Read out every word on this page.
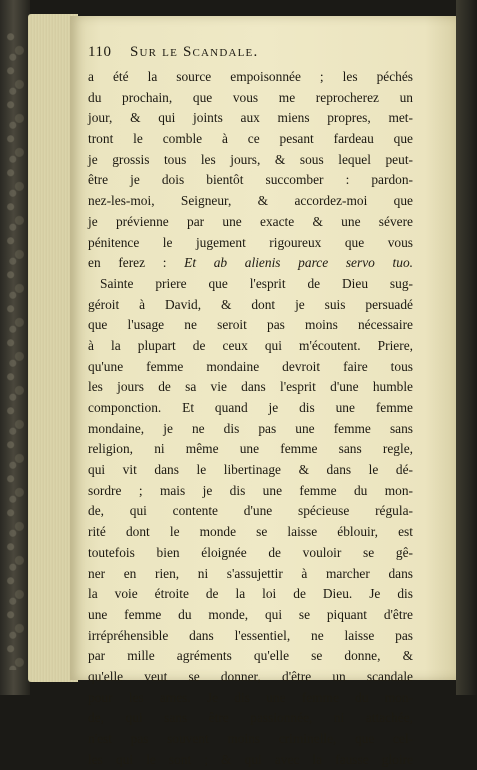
110 Sur le Scandale.
a été la source empoisonnée ; les péchés
du prochain, que vous me reprocherez un
jour, & qui joints aux miens propres, met-
tront le comble à ce pesant fardeau que
je grossis tous les jours, & sous lequel peut-
être je dois bientôt succomber : pardon-
nez-les-moi, Seigneur, & accordez-moi que
je prévienne par une exacte & une sévere
pénitence le jugement rigoureux que vous
en ferez : Et ab alienis parce servo tuo.
Sainte priere que l'esprit de Dieu sug-
géroit à David, & dont je suis persuadé
que l'usage ne seroit pas moins nécessaire
à la plupart de ceux qui m'écoutent. Priere,
qu'une femme mondaine devroit faire tous
les jours de sa vie dans l'esprit d'une humble
componction. Et quand je dis une femme
mondaine, je ne dis pas une femme sans
religion, ni même une femme sans regle,
qui vit dans le libertinage & dans le dé-
sordre ; mais je dis une femme du mon-
de, qui contente d'une spécieuse régula-
rité dont le monde se laisse éblouir, est
toutefois bien éloignée de vouloir se gê-
ner en rien, ni s'assujettir à marcher dans
la voie étroite de la loi de Dieu. Je dis
une femme du monde, qui se piquant d'être
irrépréhensible dans l'essentiel, ne laisse pas
par mille agréments qu'elle se donne, &
qu'elle veut se donner, d'être un scandale
pour les ames. Je dis une femme du mon-
de, qui sans être passionnée, ni attachée,
n'est pas souvent moins criminelle, que cel-
les qui le sont ; & qui avec la fausse gloire
